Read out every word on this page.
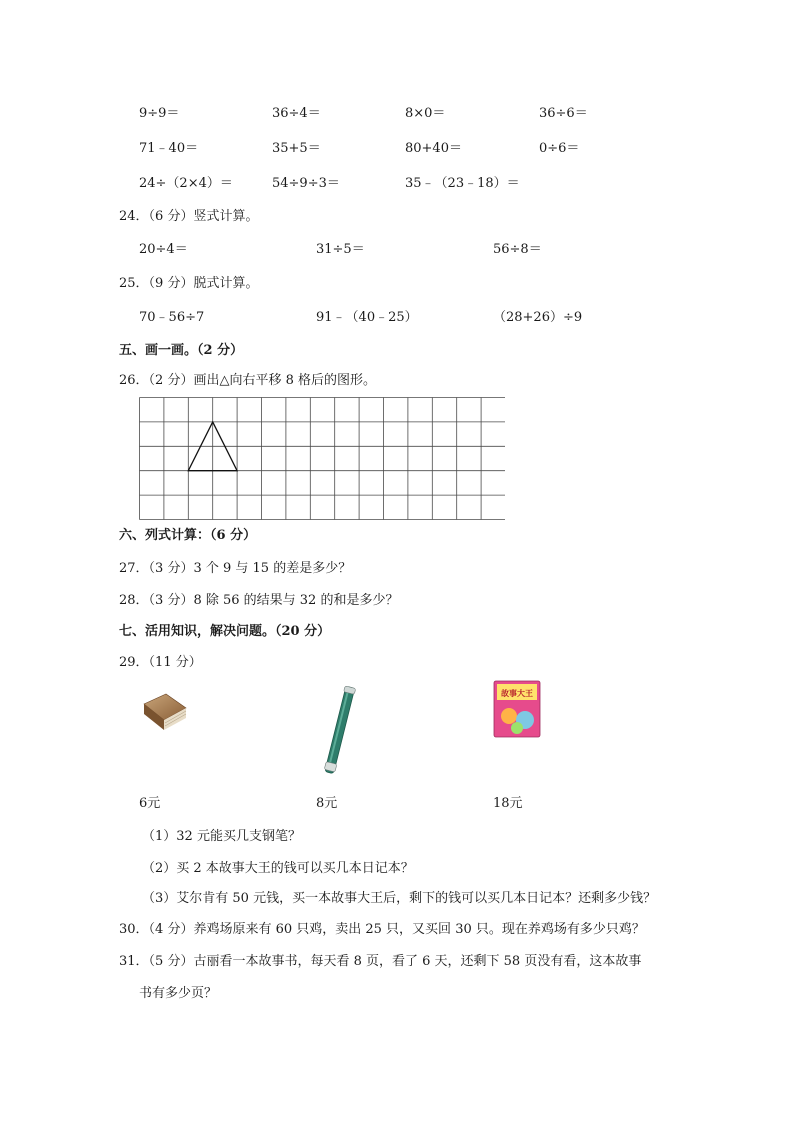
9÷9＝	36÷4＝	8×0＝	36÷6＝
71﹣40＝	35+5＝	80+40＝	0÷6＝
24÷（2×4）＝	54÷9÷3＝	35﹣（23﹣18）＝
24．（6 分）竖式计算。
20÷4＝	31÷5＝	56÷8＝
25．（9 分）脱式计算。
70﹣56÷7	91﹣（40﹣25）	（28+26）÷9
五、画一画。（2 分）
26．（2 分）画出△向右平移 8 格后的图形。
六、列式计算：（6 分）
27．（3 分）3 个 9 与 15 的差是多少？
28．（3 分）8 除 56 的结果与 32 的和是多少？
七、活用知识，解决问题。（20 分）
29．（11 分）
故事大王
6元	8元	18元
（1）32 元能买几支钢笔？
（2）买 2 本故事大王的钱可以买几本日记本？
（3）艾尔肯有 50 元钱，买一本故事大王后，剩下的钱可以买几本日记本？还剩多少钱？
30．（4 分）养鸡场原来有 60 只鸡，卖出 25 只，又买回 30 只。现在养鸡场有多少只鸡？
31．（5 分）古丽看一本故事书，每天看 8 页，看了 6 天，还剩下 58 页没有看，这本故事
书有多少页？
